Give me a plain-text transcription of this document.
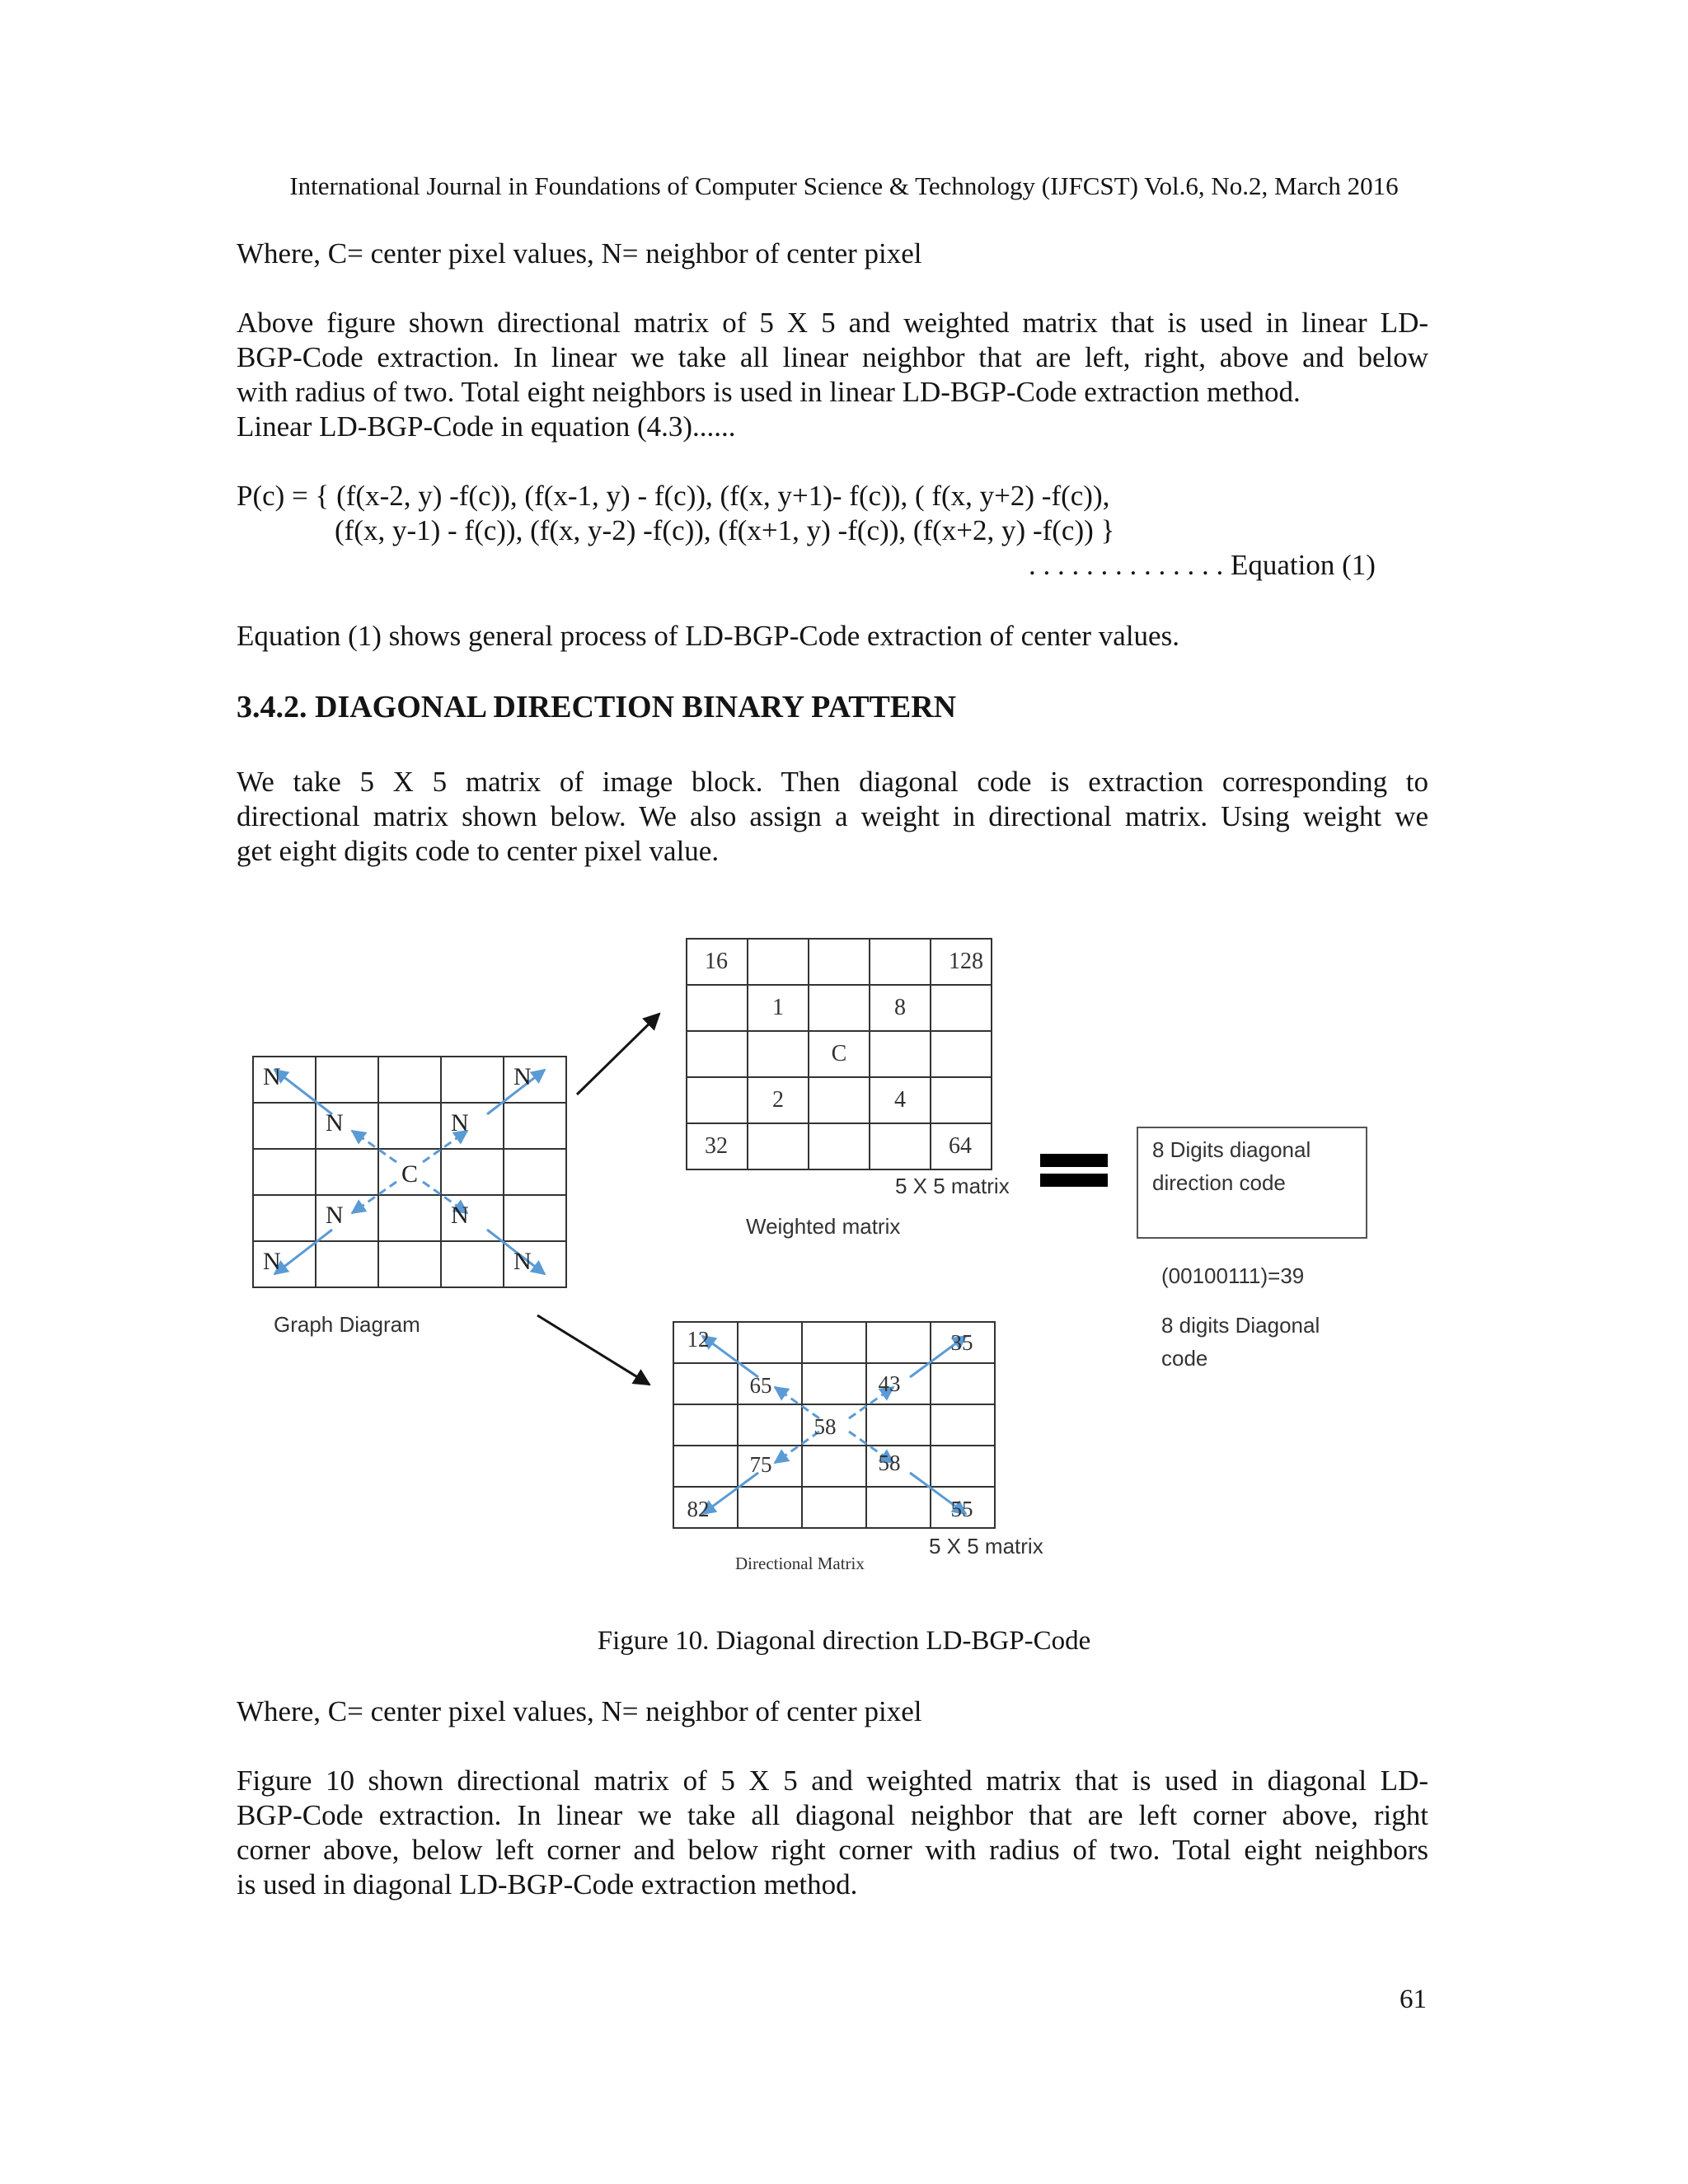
International Journal in Foundations of Computer Science & Technology (IJFCST) Vol.6, No.2, March 2016
Where, C= center pixel values, N= neighbor of center pixel
Above figure shown directional matrix of 5 X 5 and weighted matrix that is used in linear LD-
BGP-Code extraction. In linear we take all linear neighbor that are left, right, above and below
with radius of two. Total eight neighbors is used in linear LD-BGP-Code extraction method.
Linear LD-BGP-Code in equation (4.3)......
P(c) = { (f(x-2, y) -f(c)), (f(x-1, y) - f(c)), (f(x, y+1)- f(c)), ( f(x, y+2) -f(c)),
(f(x, y-1) - f(c)), (f(x, y-2) -f(c)), (f(x+1, y) -f(c)), (f(x+2, y) -f(c)) }
. . . . . . . . . . . . . . Equation (1)
Equation (1) shows general process of LD-BGP-Code extraction of center values.
3.4.2. DIAGONAL DIRECTION BINARY PATTERN
We take 5 X 5 matrix of image block. Then diagonal code is extraction corresponding to
directional matrix shown below. We also assign a weight in directional matrix. Using weight we
get eight digits code to center pixel value.
N	N
N	N
N	N
N	N
C
Graph Diagram
16	128
1	8
C
2	4
32	64
5 X 5 matrix
Weighted matrix
8 Digits diagonal
direction code
(00100111)=39
8 digits Diagonal
code
12	35
65	43
58
75	58
82	55
5 X 5 matrix
Directional Matrix
Figure 10. Diagonal direction LD-BGP-Code
Where, C= center pixel values, N= neighbor of center pixel
Figure 10 shown directional matrix of 5 X 5 and weighted matrix that is used in diagonal LD-
BGP-Code extraction. In linear we take all diagonal neighbor that are left corner above, right
corner above, below left corner and below right corner with radius of two. Total eight neighbors
is used in diagonal LD-BGP-Code extraction method.
61
